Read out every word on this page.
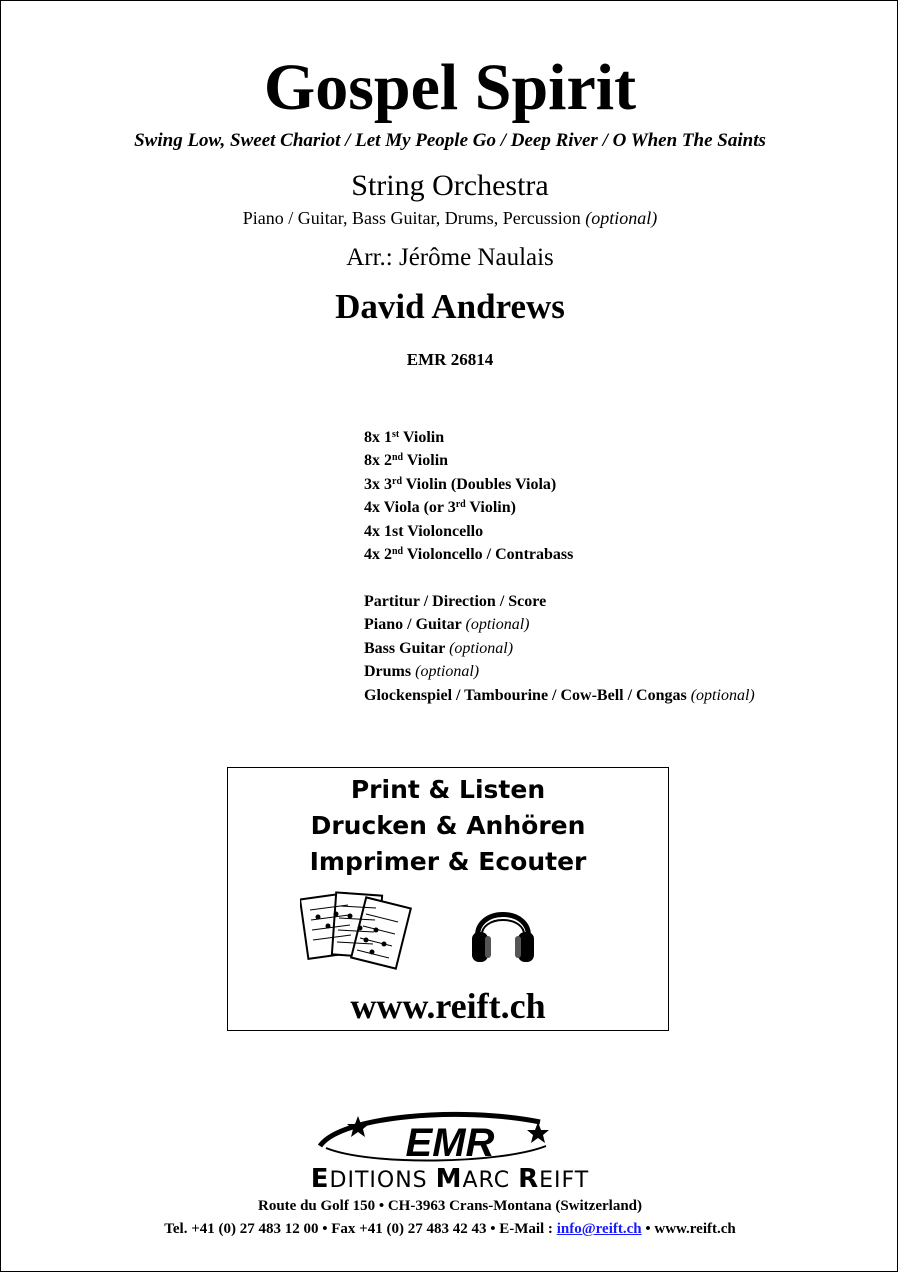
Gospel Spirit
Swing Low, Sweet Chariot / Let My People Go / Deep River / O When The Saints
String Orchestra
Piano / Guitar, Bass Guitar, Drums, Percussion (optional)
Arr.: Jérôme Naulais
David Andrews
EMR 26814
8x 1st Violin
8x 2nd Violin
3x 3rd Violin (Doubles Viola)
4x Viola (or 3rd Violin)
4x 1st Violoncello
4x 2nd Violoncello / Contrabass
Partitur / Direction / Score
Piano / Guitar (optional)
Bass Guitar (optional)
Drums (optional)
Glockenspiel / Tambourine / Cow-Bell / Congas (optional)
Print & Listen
Drucken & Anhören
Imprimer & Ecouter
www.reift.ch
EMR
EDITIONS MARC REIFT
Route du Golf 150 • CH-3963 Crans-Montana (Switzerland)
Tel. +41 (0) 27 483 12 00 • Fax +41 (0) 27 483 42 43 • E-Mail : info@reift.ch • www.reift.ch
